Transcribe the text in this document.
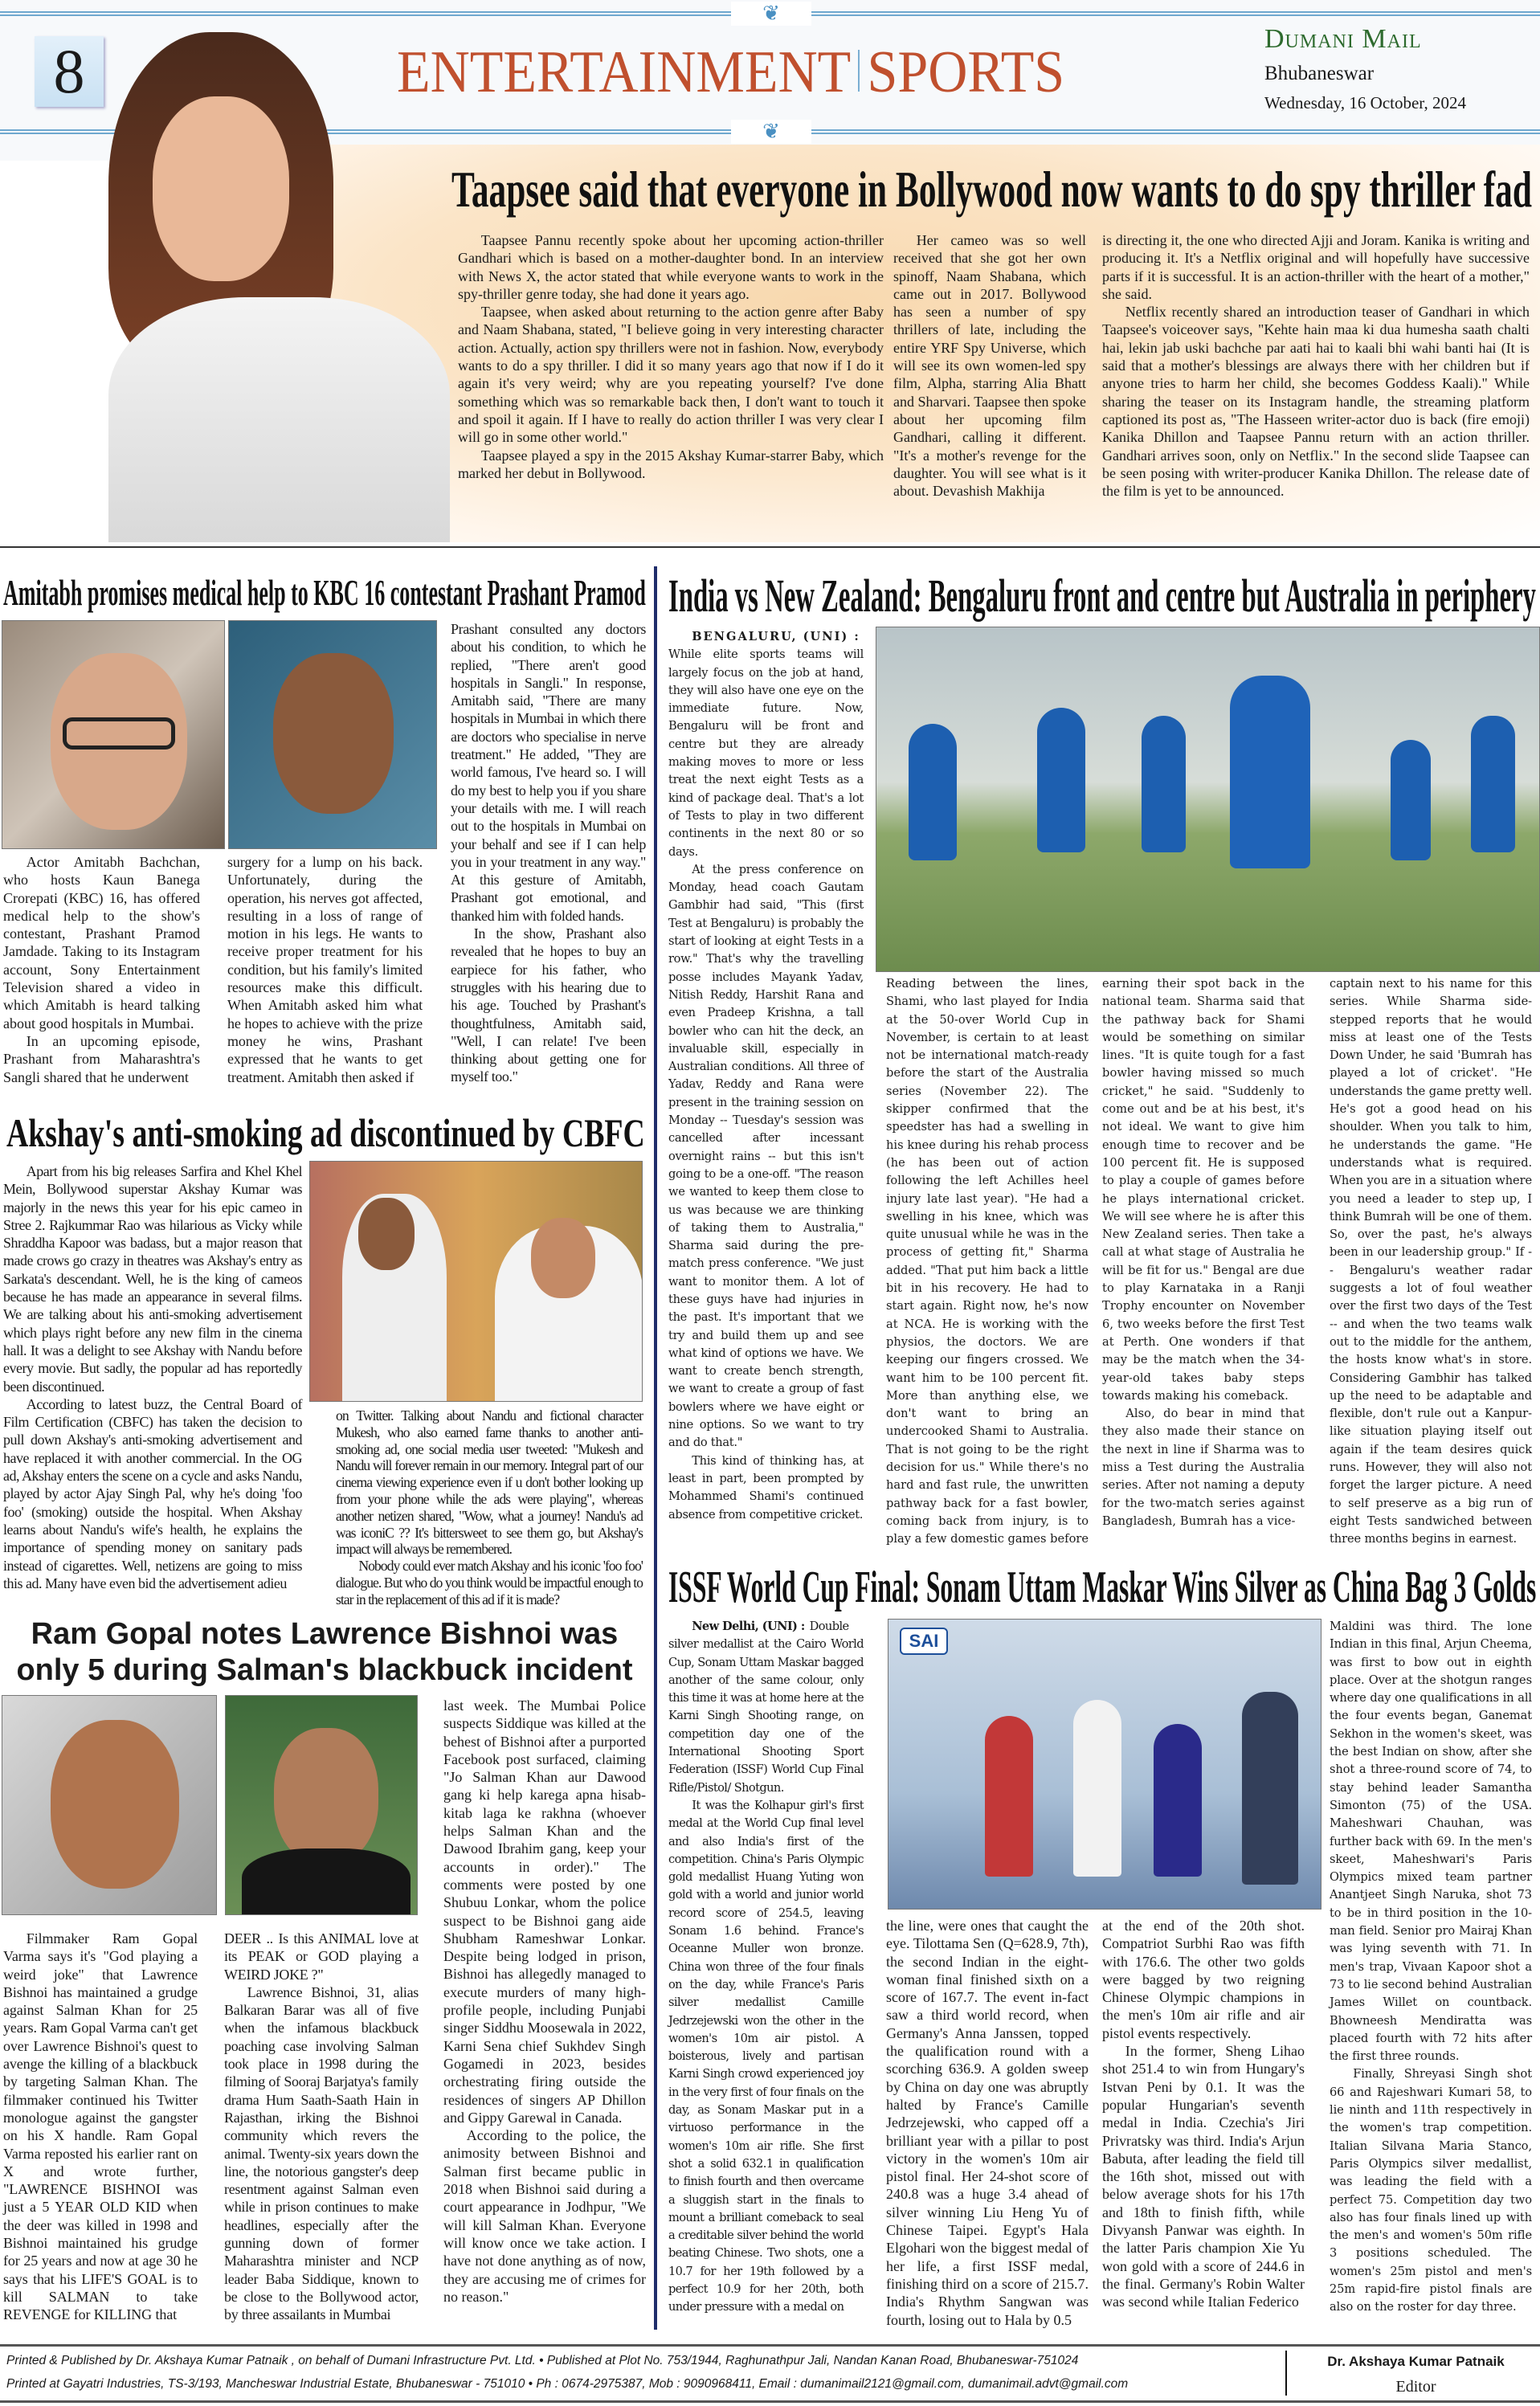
❦
❦
8	ENTERTAINMENT SPORTS
Dumani Mail
Bhubaneswar
Wednesday, 16 October, 2024
Taapsee said that everyone in Bollywood now wants to do spy thriller fad

Taapsee Pannu recently spoke about her upcoming action-thriller Gandhari which is based on a mother-daughter bond. In an interview with News X, the actor stated that while everyone wants to work in the spy-thriller genre today, she had done it years ago.

Taapsee, when asked about returning to the action genre after Baby and Naam Shabana, stated, "I believe going in very interesting character action. Actually, action spy thrillers were not in fashion. Now, everybody wants to do a spy thriller. I did it so many years ago that now if I do it again it's very weird; why are you repeating yourself? I've done something which was so remarkable back then, I don't want to touch it and spoil it again. If I have to really do action thriller I was very clear I will go in some other world."

Taapsee played a spy in the 2015 Akshay Kumar-starrer Baby, which marked her debut in Bollywood.

Her cameo was so well received that she got her own spinoff, Naam Shabana, which came out in 2017. Bollywood has seen a number of spy thrillers of late, including the entire YRF Spy Universe, which will see its own women-led spy film, Alpha, starring Alia Bhatt and Sharvari. Taapsee then spoke about her upcoming film Gandhari, calling it different. "It's a mother's revenge for the daughter. You will see what is it about. Devashish Makhija

is directing it, the one who directed Ajji and Joram. Kanika is writing and producing it. It's a Netflix original and will hopefully have successive parts if it is successful. It is an action-thriller with the heart of a mother," she said.

Netflix recently shared an introduction teaser of Gandhari in which Taapsee's voiceover says, "Kehte hain maa ki dua humesha saath chalti hai, lekin jab uski bachche par aati hai to kaali bhi wahi banti hai (It is said that a mother's blessings are always there with her children but if anyone tries to harm her child, she becomes Goddess Kaali)." While sharing the teaser on its Instagram handle, the streaming platform captioned its post as, "The Hasseen writer-actor duo is back (fire emoji) Kanika Dhillon and Taapsee Pannu return with an action thriller. Gandhari arrives soon, only on Netflix." In the second slide Taapsee can be seen posing with writer-producer Kanika Dhillon. The release date of the film is yet to be announced.

Amitabh promises medical help to KBC 16 contestant Prashant Pramod

Actor Amitabh Bachchan, who hosts Kaun Banega Crorepati (KBC) 16, has offered medical help to the show's contestant, Prashant Pramod Jamdade. Taking to its Instagram account, Sony Entertainment Television shared a video in which Amitabh is heard talking about good hospitals in Mumbai.

In an upcoming episode, Prashant from Maharashtra's Sangli shared that he underwent

surgery for a lump on his back. Unfortunately, during the operation, his nerves got affected, resulting in a loss of range of motion in his legs. He wants to receive proper treatment for his condition, but his family's limited resources make this difficult. When Amitabh asked him what he hopes to achieve with the prize money he wins, Prashant expressed that he wants to get treatment. Amitabh then asked if

Prashant consulted any doctors about his condition, to which he replied, "There aren't good hospitals in Sangli." In response, Amitabh said, "There are many hospitals in Mumbai in which there are doctors who specialise in nerve treatment." He added, "They are world famous, I've heard so. I will do my best to help you if you share your details with me. I will reach out to the hospitals in Mumbai on your behalf and see if I can help you in your treatment in any way." At this gesture of Amitabh, Prashant got emotional, and thanked him with folded hands.

In the show, Prashant also revealed that he hopes to buy an earpiece for his father, who struggles with his hearing due to his age. Touched by Prashant's thoughtfulness, Amitabh said, "Well, I can relate! I've been thinking about getting one for myself too."

Akshay's anti-smoking ad discontinued by CBFC

Apart from his big releases Sarfira and Khel Khel Mein, Bollywood superstar Akshay Kumar was majorly in the news this year for his epic cameo in Stree 2. Rajkummar Rao was hilarious as Vicky while Shraddha Kapoor was badass, but a major reason that made crows go crazy in theatres was Akshay's entry as Sarkata's descendant. Well, he is the king of cameos because he has made an appearance in several films. We are talking about his anti-smoking advertisement which plays right before any new film in the cinema hall. It was a delight to see Akshay with Nandu before every movie. But sadly, the popular ad has reportedly been discontinued.

According to latest buzz, the Central Board of Film Certification (CBFC) has taken the decision to pull down Akshay's anti-smoking advertisement and have replaced it with another commercial. In the OG ad, Akshay enters the scene on a cycle and asks Nandu, played by actor Ajay Singh Pal, why he's doing 'foo foo' (smoking) outside the hospital. When Akshay learns about Nandu's wife's health, he explains the importance of spending money on sanitary pads instead of cigarettes. Well, netizens are going to miss this ad. Many have even bid the advertisement adieu

on Twitter. Talking about Nandu and fictional character Mukesh, who also earned fame thanks to another anti-smoking ad, one social media user tweeted: "Mukesh and Nandu will forever remain in our memory. Integral part of our cinema viewing experience even if u don't bother looking up from your phone while the ads were playing", whereas another netizen shared, "Wow, what a journey! Nandu's ad was iconiC ?? It's bittersweet to see them go, but Akshay's impact will always be remembered.

Nobody could ever match Akshay and his iconic 'foo foo' dialogue. But who do you think would be impactful enough to star in the replacement of this ad if it is made?

Ram Gopal notes Lawrence Bishnoi was only 5 during Salman's blackbuck incident

Filmmaker Ram Gopal Varma says it's "God playing a weird joke" that Lawrence Bishnoi has maintained a grudge against Salman Khan for 25 years. Ram Gopal Varma can't get over Lawrence Bishnoi's quest to avenge the killing of a blackbuck by targeting Salman Khan. The filmmaker continued his Twitter monologue against the gangster on his X handle. Ram Gopal Varma reposted his earlier rant on X and wrote further, "LAWRENCE BISHNOI was just a 5 YEAR OLD KID when the deer was killed in 1998 and Bishnoi maintained his grudge for 25 years and now at age 30 he says that his LIFE'S GOAL is to kill SALMAN to take REVENGE for KILLING that

DEER .. Is this ANIMAL love at its PEAK or GOD playing a WEIRD JOKE ?"

Lawrence Bishnoi, 31, alias Balkaran Barar was all of five when the infamous blackbuck poaching case involving Salman took place in 1998 during the filming of Sooraj Barjatya's family drama Hum Saath-Saath Hain in Rajasthan, irking the Bishnoi community which revers the animal. Twenty-six years down the line, the notorious gangster's deep resentment against Salman even while in prison continues to make headlines, especially after the gunning down of former Maharashtra minister and NCP leader Baba Siddique, known to be close to the Bollywood actor, by three assailants in Mumbai

last week. The Mumbai Police suspects Siddique was killed at the behest of Bishnoi after a purported Facebook post surfaced, claiming "Jo Salman Khan aur Dawood gang ki help karega apna hisab-kitab laga ke rakhna (whoever helps Salman Khan and the Dawood Ibrahim gang, keep your accounts in order)." The comments were posted by one Shubuu Lonkar, whom the police suspect to be Bishnoi gang aide Shubham Rameshwar Lonkar. Despite being lodged in prison, Bishnoi has allegedly managed to execute murders of many high-profile people, including Punjabi singer Siddhu Moosewala in 2022, Karni Sena chief Sukhdev Singh Gogamedi in 2023, besides orchestrating firing outside the residences of singers AP Dhillon and Gippy Garewal in Canada.

According to the police, the animosity between Bishnoi and Salman first became public in 2018 when Bishnoi said during a court appearance in Jodhpur, "We will kill Salman Khan. Everyone will know once we take action. I have not done anything as of now, they are accusing me of crimes for no reason."

India vs New Zealand: Bengaluru front and centre but Australia in periphery

BENGALURU, (UNI) :

While elite sports teams will largely focus on the job at hand, they will also have one eye on the immediate future. Now, Bengaluru will be front and centre but they are already making moves to more or less treat the next eight Tests as a kind of package deal. That's a lot of Tests to play in two different continents in the next 80 or so days.

At the press conference on Monday, head coach Gautam Gambhir had said, "This (first Test at Bengaluru) is probably the start of looking at eight Tests in a row." That's why the travelling posse includes Mayank Yadav, Nitish Reddy, Harshit Rana and even Pradeep Krishna, a tall bowler who can hit the deck, an invaluable skill, especially in Australian conditions. All three of Yadav, Reddy and Rana were present in the training session on Monday -- Tuesday's session was cancelled after incessant overnight rains -- but this isn't going to be a one-off. "The reason we wanted to keep them close to us was because we are thinking of taking them to Australia," Sharma said during the pre-match press conference. "We just want to monitor them. A lot of these guys have had injuries in the past. It's important that we try and build them up and see what kind of options we have. We want to create bench strength, we want to create a group of fast bowlers where we have eight or nine options. So we want to try and do that."

This kind of thinking has, at least in part, been prompted by Mohammed Shami's continued absence from competitive cricket.

Reading between the lines, Shami, who last played for India at the 50-over World Cup in November, is certain to at least not be international match-ready before the start of the Australia series (November 22). The skipper confirmed that the speedster has had a swelling in his knee during his rehab process (he has been out of action following the left Achilles heel injury late last year). "He had a swelling in his knee, which was quite unusual while he was in the process of getting fit," Sharma added. "That put him back a little bit in his recovery. He had to start again. Right now, he's now at NCA. He is working with the physios, the doctors. We are keeping our fingers crossed. We want him to be 100 percent fit. More than anything else, we don't want to bring an undercooked Shami to Australia. That is not going to be the right decision for us." While there's no hard and fast rule, the unwritten pathway back for a fast bowler, coming back from injury, is to play a few domestic games before

earning their spot back in the national team. Sharma said that the pathway back for Shami would be something on similar lines. "It is quite tough for a fast bowler having missed so much cricket," he said. "Suddenly to come out and be at his best, it's not ideal. We want to give him enough time to recover and be 100 percent fit. He is supposed to play a couple of games before he plays international cricket. We will see where he is after this New Zealand series. Then take a call at what stage of Australia he will be fit for us." Bengal are due to play Karnataka in a Ranji Trophy encounter on November 6, two weeks before the first Test at Perth. One wonders if that may be the match when the 34-year-old takes baby steps towards making his comeback.

Also, do bear in mind that they also made their stance on the next in line if Sharma was to miss a Test during the Australia series. After not naming a deputy for the two-match series against Bangladesh, Bumrah has a vice-

captain next to his name for this series. While Sharma side-stepped reports that he would miss at least one of the Tests Down Under, he said 'Bumrah has played a lot of cricket'. "He understands the game pretty well. He's got a good head on his shoulder. When you talk to him, he understands the game. "He understands what is required. When you are in a situation where you need a leader to step up, I think Bumrah will be one of them. So, over the past, he's always been in our leadership group." If -- Bengaluru's weather radar suggests a lot of foul weather over the first two days of the Test -- and when the two teams walk out to the middle for the anthem, the hosts know what's in store. Considering Gambhir has talked up the need to be adaptable and flexible, don't rule out a Kanpur-like situation playing itself out again if the team desires quick runs. However, they will also not forget the larger picture. A need to self preserve as a big run of eight Tests sandwiched between three months begins in earnest.

ISSF World Cup Final: Sonam Uttam Maskar Wins Silver as China Bag 3 Golds
SAI
New Delhi, (UNI) : Double silver medallist at the Cairo World Cup, Sonam Uttam Maskar bagged another of the same colour, only this time it was at home here at the Karni Singh Shooting range, on competition day one of the International Shooting Sport Federation (ISSF) World Cup Final Rifle/Pistol/ Shotgun.

It was the Kolhapur girl's first medal at the World Cup final level and also India's first of the competition. China's Paris Olympic gold medallist Huang Yuting won gold with a world and junior world record score of 254.5, leaving Sonam 1.6 behind. France's Oceanne Muller won bronze. China won three of the four finals on the day, while France's Paris silver medallist Camille Jedrzejewski won the other in the women's 10m air pistol. A boisterous, lively and partisan Karni Singh crowd experienced joy in the very first of four finals on the day, as Sonam Maskar put in a virtuoso performance in the women's 10m air rifle. She first shot a solid 632.1 in qualification to finish fourth and then overcame a sluggish start in the finals to mount a brilliant comeback to seal a creditable silver behind the world beating Chinese. Two shots, one a 10.7 for her 19th followed by a perfect 10.9 for her 20th, both under pressure with a medal on

the line, were ones that caught the eye. Tilottama Sen (Q=628.9, 7th), the second Indian in the eight-woman final finished sixth on a score of 167.7. The event in-fact saw a third world record, when Germany's Anna Janssen, topped the qualification round with a scorching 636.9. A golden sweep by China on day one was abruptly halted by France's Camille Jedrzejewski, who capped off a brilliant year with a pillar to post victory in the women's 10m air pistol final. Her 24-shot score of 240.8 was a huge 3.4 ahead of silver winning Liu Heng Yu of Chinese Taipei. Egypt's Hala Elgohari won the biggest medal of her life, a first ISSF medal, finishing third on a score of 215.7. India's Rhythm Sangwan was fourth, losing out to Hala by 0.5

at the end of the 20th shot. Compatriot Surbhi Rao was fifth with 176.6. The other two golds were bagged by two reigning Chinese Olympic champions in the men's 10m air rifle and air pistol events respectively.

In the former, Sheng Lihao shot 251.4 to win from Hungary's Istvan Peni by 0.1. It was the popular Hungarian's seventh medal in India. Czechia's Jiri Privratsky was third. India's Arjun Babuta, after leading the field till the 16th shot, missed out with below average shots for his 17th and 18th to finish fifth, while Divyansh Panwar was eighth. In the latter Paris champion Xie Yu won gold with a score of 244.6 in the final. Germany's Robin Walter was second while Italian Federico

Maldini was third. The lone Indian in this final, Arjun Cheema, was first to bow out in eighth place. Over at the shotgun ranges where day one qualifications in all the four events began, Ganemat Sekhon in the women's skeet, was the best Indian on show, after she shot a three-round score of 74, to stay behind leader Samantha Simonton (75) of the USA. Maheshwari Chauhan, was further back with 69. In the men's skeet, Maheshwari's Paris Olympics mixed team partner Anantjeet Singh Naruka, shot 73 to be in third position in the 10-man field. Senior pro Mairaj Khan was lying seventh with 71. In men's trap, Vivaan Kapoor shot a 73 to lie second behind Australian James Willet on countback. Bhowneesh Mendiratta was placed fourth with 72 hits after the first three rounds.

Finally, Shreyasi Singh shot 66 and Rajeshwari Kumari 58, to lie ninth and 11th respectively in the women's trap competition. Italian Silvana Maria Stanco, Paris Olympics silver medallist, was leading the field with a perfect 75. Competition day two also has four finals lined up with the men's and women's 50m rifle 3 positions scheduled. The women's 25m pistol and men's 25m rapid-fire pistol finals are also on the roster for day three.

Printed & Published by Dr. Akshaya Kumar Patnaik , on behalf of Dumani Infrastructure Pvt. Ltd. • Published at Plot No. 753/1944, Raghunathpur Jali, Nandan Kanan Road, Bhubaneswar-751024
Printed at Gayatri Industries, TS-3/193, Mancheswar Industrial Estate, Bhubaneswar - 751010 • Ph : 0674-2975387, Mob : 9090968411, Email : dumanimail2121@gmail.com, dumanimail.advt@gmail.com
Dr. Akshaya Kumar Patnaik
Editor
